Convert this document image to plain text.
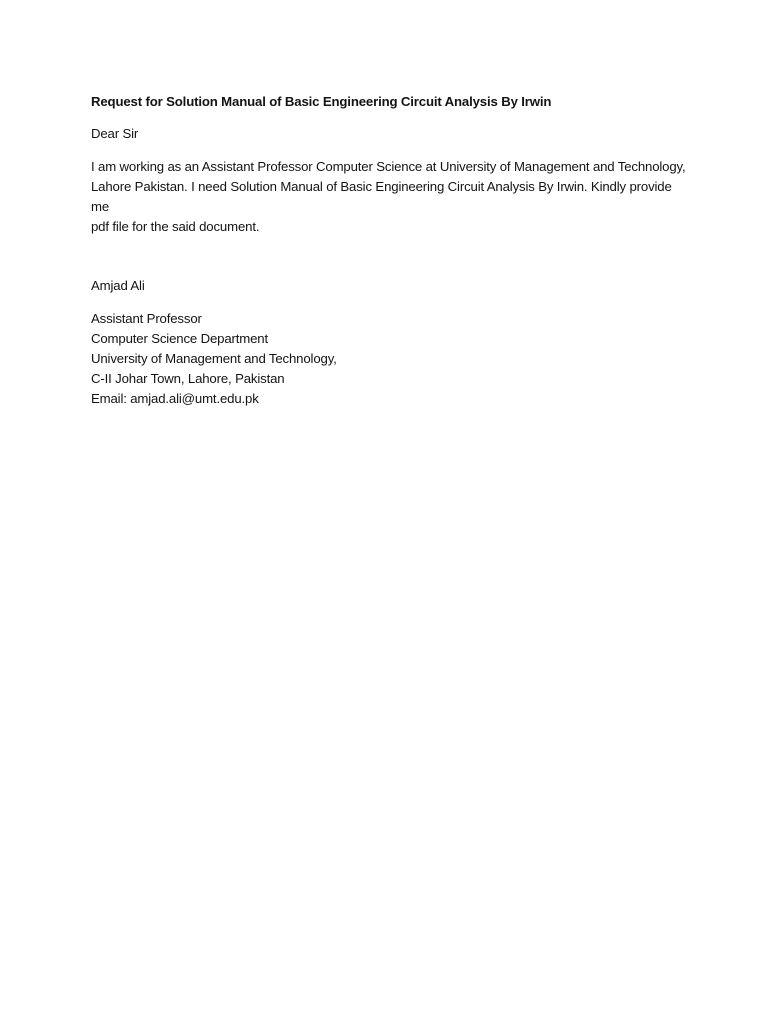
Request for Solution Manual of Basic Engineering Circuit Analysis By Irwin

Dear Sir

I am working as an Assistant Professor Computer Science at University of Management and Technology,
Lahore Pakistan. I need Solution Manual of Basic Engineering Circuit Analysis By Irwin. Kindly provide me
pdf file for the said document.

Amjad Ali

Assistant Professor
Computer Science Department
University of Management and Technology,
C-II Johar Town, Lahore, Pakistan
Email: amjad.ali@umt.edu.pk
